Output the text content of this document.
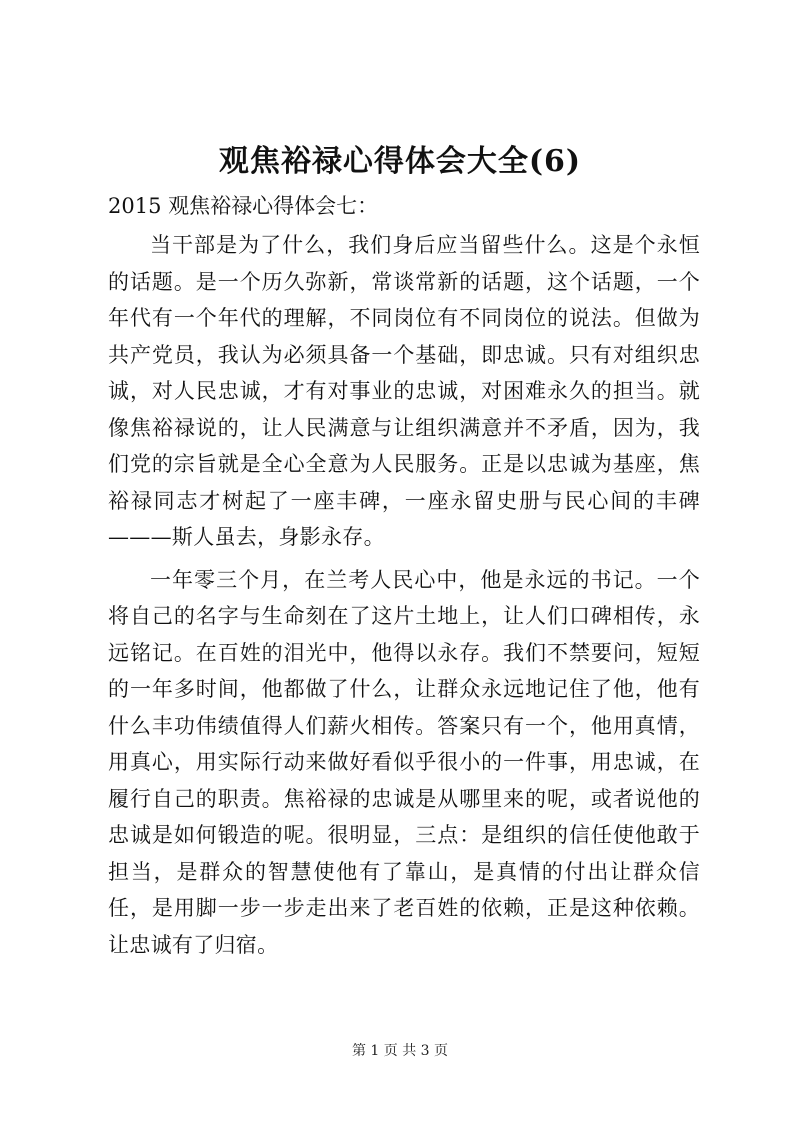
观焦裕禄心得体会大全(6)

2015 观焦裕禄心得体会七：

当干部是为了什么，我们身后应当留些什么。这是个永恒的话题。是一个历久弥新，常谈常新的话题，这个话题，一个年代有一个年代的理解，不同岗位有不同岗位的说法。但做为共产党员，我认为必须具备一个基础，即忠诚。只有对组织忠诚，对人民忠诚，才有对事业的忠诚，对困难永久的担当。就像焦裕禄说的，让人民满意与让组织满意并不矛盾，因为，我们党的宗旨就是全心全意为人民服务。正是以忠诚为基座，焦裕禄同志才树起了一座丰碑，一座永留史册与民心间的丰碑———斯人虽去，身影永存。

一年零三个月，在兰考人民心中，他是永远的书记。一个将自己的名字与生命刻在了这片土地上，让人们口碑相传，永远铭记。在百姓的泪光中，他得以永存。我们不禁要问，短短的一年多时间，他都做了什么，让群众永远地记住了他，他有什么丰功伟绩值得人们薪火相传。答案只有一个，他用真情，用真心，用实际行动来做好看似乎很小的一件事，用忠诚，在履行自己的职责。焦裕禄的忠诚是从哪里来的呢，或者说他的忠诚是如何锻造的呢。很明显，三点：是组织的信任使他敢于担当，是群众的智慧使他有了靠山，是真情的付出让群众信任，是用脚一步一步走出来了老百姓的依赖，正是这种依赖。让忠诚有了归宿。

第 1 页 共 3 页
